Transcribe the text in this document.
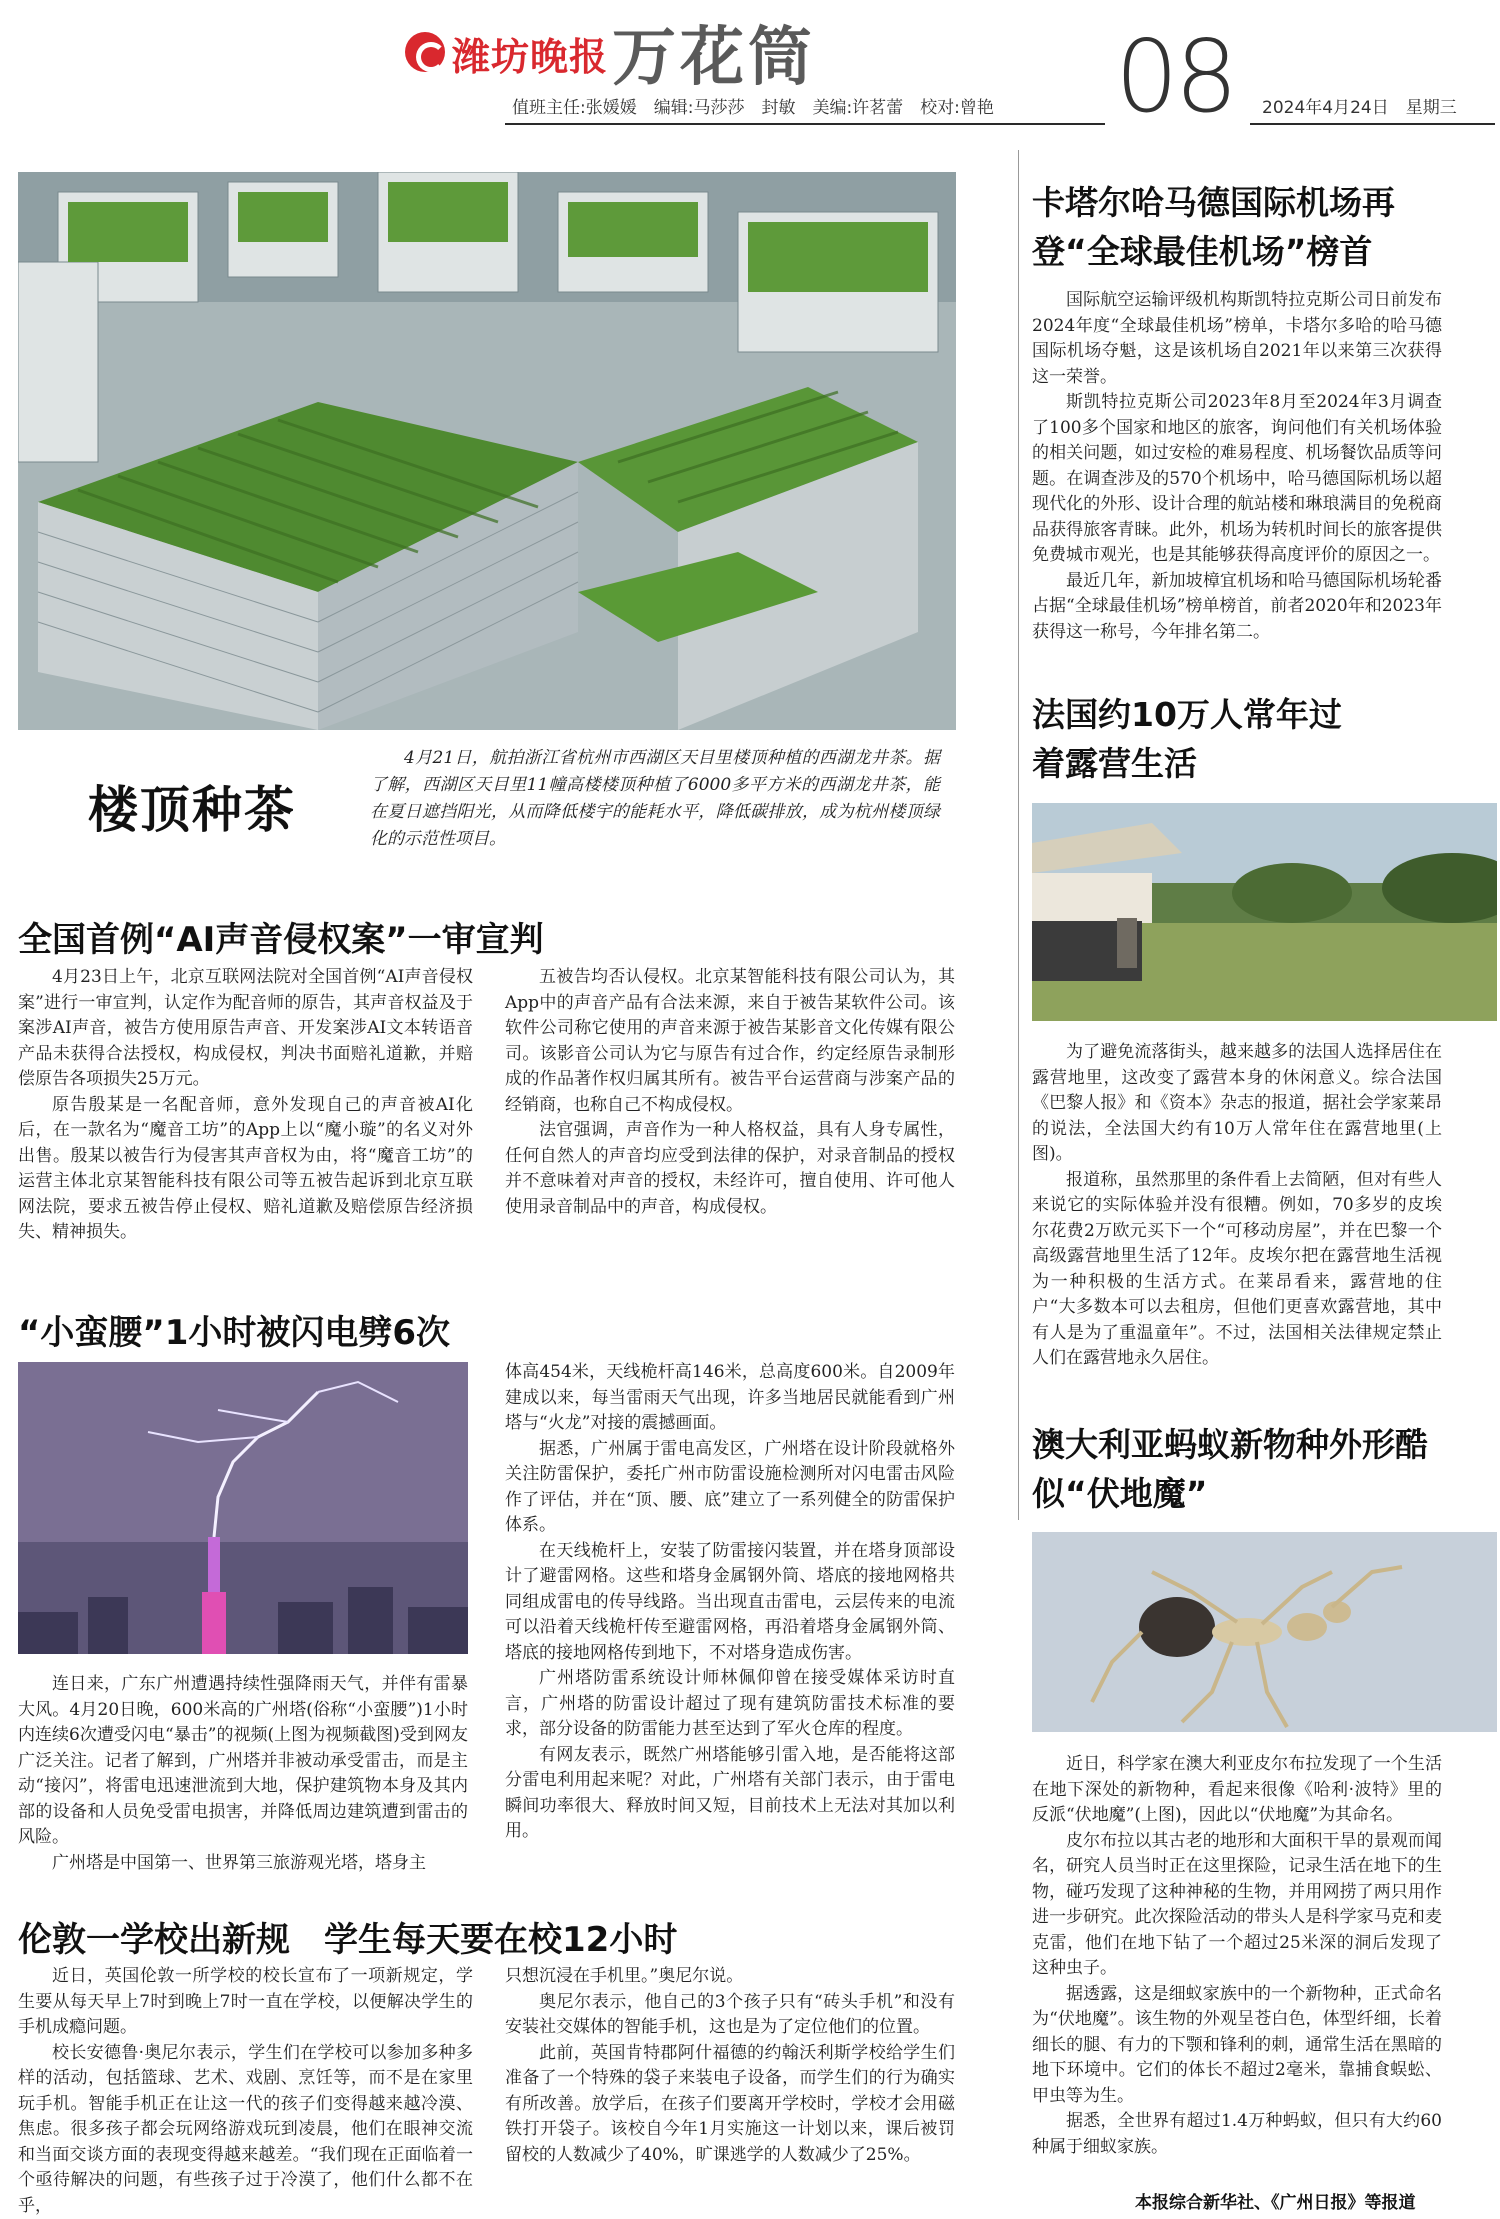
潍坊晚报 万花筒	08
值班主任:张媛媛　编辑:马莎莎　封敏　美编:许茗蕾　校对:曾艳	2024年4月24日　星期三
楼顶种茶
4月21日，航拍浙江省杭州市西湖区天目里楼顶种植的西湖龙井茶。据了解，西湖区天目里11幢高楼楼顶种植了6000多平方米的西湖龙井茶，能在夏日遮挡阳光，从而降低楼宇的能耗水平，降低碳排放，成为杭州楼顶绿化的示范性项目。
全国首例“AI声音侵权案”一审宣判

4月23日上午，北京互联网法院对全国首例“AI声音侵权案”进行一审宣判，认定作为配音师的原告，其声音权益及于案涉AI声音，被告方使用原告声音、开发案涉AI文本转语音产品未获得合法授权，构成侵权，判决书面赔礼道歉，并赔偿原告各项损失25万元。

原告殷某是一名配音师，意外发现自己的声音被AI化后，在一款名为“魔音工坊”的App上以“魔小璇”的名义对外出售。殷某以被告行为侵害其声音权为由，将“魔音工坊”的运营主体北京某智能科技有限公司等五被告起诉到北京互联网法院，要求五被告停止侵权、赔礼道歉及赔偿原告经济损失、精神损失。

五被告均否认侵权。北京某智能科技有限公司认为，其App中的声音产品有合法来源，来自于被告某软件公司。该软件公司称它使用的声音来源于被告某影音文化传媒有限公司。该影音公司认为它与原告有过合作，约定经原告录制形成的作品著作权归属其所有。被告平台运营商与涉案产品的经销商，也称自己不构成侵权。

法官强调，声音作为一种人格权益，具有人身专属性，任何自然人的声音均应受到法律的保护，对录音制品的授权并不意味着对声音的授权，未经许可，擅自使用、许可他人使用录音制品中的声音，构成侵权。

“小蛮腰”1小时被闪电劈6次

连日来，广东广州遭遇持续性强降雨天气，并伴有雷暴大风。4月20日晚，600米高的广州塔(俗称“小蛮腰”)1小时内连续6次遭受闪电“暴击”的视频(上图为视频截图)受到网友广泛关注。记者了解到，广州塔并非被动承受雷击，而是主动“接闪”，将雷电迅速泄流到大地，保护建筑物本身及其内部的设备和人员免受雷电损害，并降低周边建筑遭到雷击的风险。

广州塔是中国第一、世界第三旅游观光塔，塔身主

体高454米，天线桅杆高146米，总高度600米。自2009年建成以来，每当雷雨天气出现，许多当地居民就能看到广州塔与“火龙”对接的震撼画面。

据悉，广州属于雷电高发区，广州塔在设计阶段就格外关注防雷保护，委托广州市防雷设施检测所对闪电雷击风险作了评估，并在“顶、腰、底”建立了一系列健全的防雷保护体系。

在天线桅杆上，安装了防雷接闪装置，并在塔身顶部设计了避雷网格。这些和塔身金属钢外筒、塔底的接地网格共同组成雷电的传导线路。当出现直击雷电，云层传来的电流可以沿着天线桅杆传至避雷网格，再沿着塔身金属钢外筒、塔底的接地网格传到地下，不对塔身造成伤害。

广州塔防雷系统设计师林佩仰曾在接受媒体采访时直言，广州塔的防雷设计超过了现有建筑防雷技术标准的要求，部分设备的防雷能力甚至达到了军火仓库的程度。

有网友表示，既然广州塔能够引雷入地，是否能将这部分雷电利用起来呢？对此，广州塔有关部门表示，由于雷电瞬间功率很大、释放时间又短，目前技术上无法对其加以利用。

伦敦一学校出新规　学生每天要在校12小时

近日，英国伦敦一所学校的校长宣布了一项新规定，学生要从每天早上7时到晚上7时一直在学校，以便解决学生的手机成瘾问题。

校长安德鲁·奥尼尔表示，学生们在学校可以参加多种多样的活动，包括篮球、艺术、戏剧、烹饪等，而不是在家里玩手机。智能手机正在让这一代的孩子们变得越来越冷漠、焦虑。很多孩子都会玩网络游戏玩到凌晨，他们在眼神交流和当面交谈方面的表现变得越来越差。“我们现在正面临着一个亟待解决的问题，有些孩子过于冷漠了，他们什么都不在乎，

只想沉浸在手机里。”奥尼尔说。

奥尼尔表示，他自己的3个孩子只有“砖头手机”和没有安装社交媒体的智能手机，这也是为了定位他们的位置。

此前，英国肯特郡阿什福德的约翰沃利斯学校给学生们准备了一个特殊的袋子来装电子设备，而学生们的行为确实有所改善。放学后，在孩子们要离开学校时，学校才会用磁铁打开袋子。该校自今年1月实施这一计划以来，课后被罚留校的人数减少了40%，旷课逃学的人数减少了25%。

卡塔尔哈马德国际机场再登“全球最佳机场”榜首

国际航空运输评级机构斯凯特拉克斯公司日前发布2024年度“全球最佳机场”榜单，卡塔尔多哈的哈马德国际机场夺魁，这是该机场自2021年以来第三次获得这一荣誉。

斯凯特拉克斯公司2023年8月至2024年3月调查了100多个国家和地区的旅客，询问他们有关机场体验的相关问题，如过安检的难易程度、机场餐饮品质等问题。在调查涉及的570个机场中，哈马德国际机场以超现代化的外形、设计合理的航站楼和琳琅满目的免税商品获得旅客青睐。此外，机场为转机时间长的旅客提供免费城市观光，也是其能够获得高度评价的原因之一。

最近几年，新加坡樟宜机场和哈马德国际机场轮番占据“全球最佳机场”榜单榜首，前者2020年和2023年获得这一称号，今年排名第二。

法国约10万人常年过着露营生活

为了避免流落街头，越来越多的法国人选择居住在露营地里，这改变了露营本身的休闲意义。综合法国《巴黎人报》和《资本》杂志的报道，据社会学家莱昂的说法，全法国大约有10万人常年住在露营地里(上图)。

报道称，虽然那里的条件看上去简陋，但对有些人来说它的实际体验并没有很糟。例如，70多岁的皮埃尔花费2万欧元买下一个“可移动房屋”，并在巴黎一个高级露营地里生活了12年。皮埃尔把在露营地生活视为一种积极的生活方式。在莱昂看来，露营地的住户“大多数本可以去租房，但他们更喜欢露营地，其中有人是为了重温童年”。不过，法国相关法律规定禁止人们在露营地永久居住。

澳大利亚蚂蚁新物种外形酷似“伏地魔”

近日，科学家在澳大利亚皮尔布拉发现了一个生活在地下深处的新物种，看起来很像《哈利·波特》里的反派“伏地魔”(上图)，因此以“伏地魔”为其命名。

皮尔布拉以其古老的地形和大面积干旱的景观而闻名，研究人员当时正在这里探险，记录生活在地下的生物，碰巧发现了这种神秘的生物，并用网捞了两只用作进一步研究。此次探险活动的带头人是科学家马克和麦克雷，他们在地下钻了一个超过25米深的洞后发现了这种虫子。

据透露，这是细蚁家族中的一个新物种，正式命名为“伏地魔”。该生物的外观呈苍白色，体型纤细，长着细长的腿、有力的下颚和锋利的刺，通常生活在黑暗的地下环境中。它们的体长不超过2毫米，靠捕食蜈蚣、甲虫等为生。

据悉，全世界有超过1.4万种蚂蚁，但只有大约60种属于细蚁家族。

本报综合新华社、《广州日报》等报道
